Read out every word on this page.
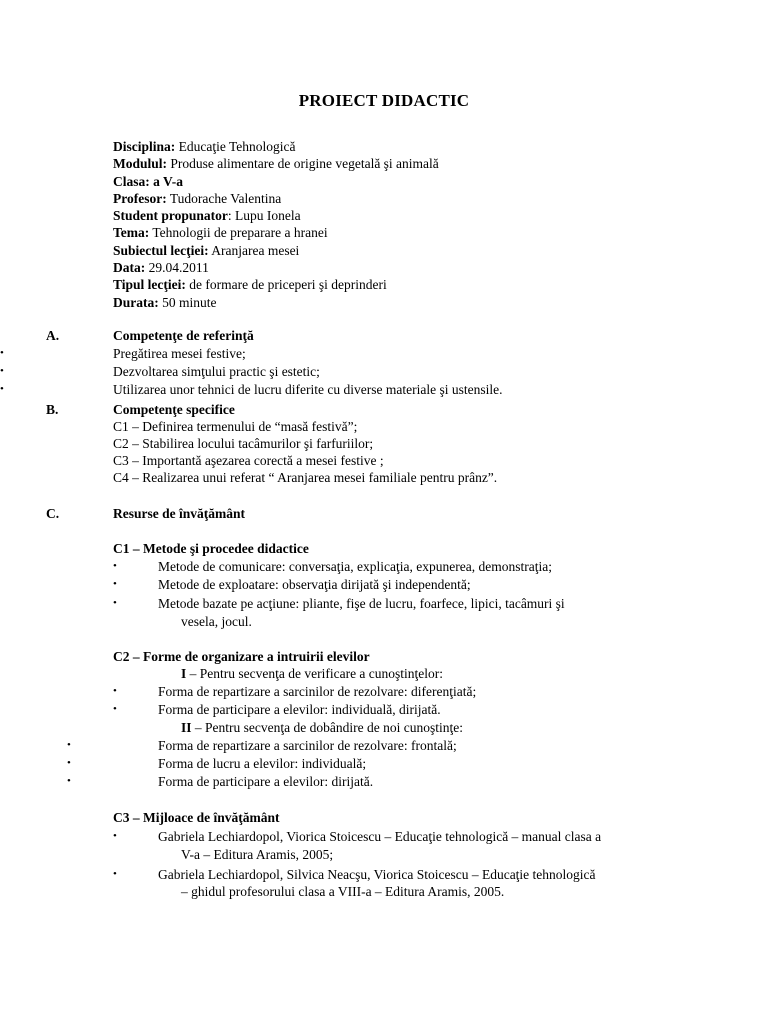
PROIECT DIDACTIC
Disciplina: Educaţie Tehnologică
Modulul: Produse alimentare de origine vegetală şi animală
Clasa: a V-a
Profesor: Tudorache Valentina
Student propunator: Lupu Ionela
Tema: Tehnologii de preparare a hranei
Subiectul lecţiei: Aranjarea mesei
Data: 29.04.2011
Tipul lecţiei: de formare de priceperi şi deprinderi
Durata: 50 minute
A.	Competenţe de referinţă
•	Pregătirea mesei festive;
•	Dezvoltarea simţului practic şi estetic;
•	Utilizarea unor tehnici de lucru diferite cu diverse materiale şi ustensile.
B.	Competenţe specifice
C1 – Definirea termenului de “masă festivă”;
C2 – Stabilirea locului tacâmurilor şi farfuriilor;
C3 – Importantă aşezarea corectă a mesei festive ;
C4 – Realizarea unui referat “ Aranjarea mesei familiale pentru prânz”.
C.	Resurse de învăţământ
C1 – Metode şi procedee didactice
•	Metode de comunicare: conversaţia, explicaţia, expunerea, demonstraţia;
•	Metode de exploatare: observaţia dirijată şi independentă;
•	Metode bazate pe acţiune: pliante, fişe de lucru, foarfece, lipici, tacâmuri şi
vesela, jocul.
C2 – Forme de organizare a intruirii elevilor
I – Pentru secvenţa de verificare a cunoştinţelor:
•	Forma de repartizare a sarcinilor de rezolvare: diferenţiată;
•	Forma de participare a elevilor: individuală, dirijată.
II – Pentru secvenţa de dobândire de noi cunoştinţe:
•	Forma de repartizare a sarcinilor de rezolvare: frontală;
•	Forma de lucru a elevilor: individuală;
•	Forma de participare a elevilor: dirijată.
C3 – Mijloace de învăţământ
•	Gabriela Lechiardopol, Viorica Stoicescu – Educaţie tehnologică – manual clasa a
V-a – Editura Aramis, 2005;
•	Gabriela Lechiardopol, Silvica Neacşu, Viorica Stoicescu – Educaţie tehnologică
– ghidul profesorului clasa a VIII-a – Editura Aramis, 2005.
